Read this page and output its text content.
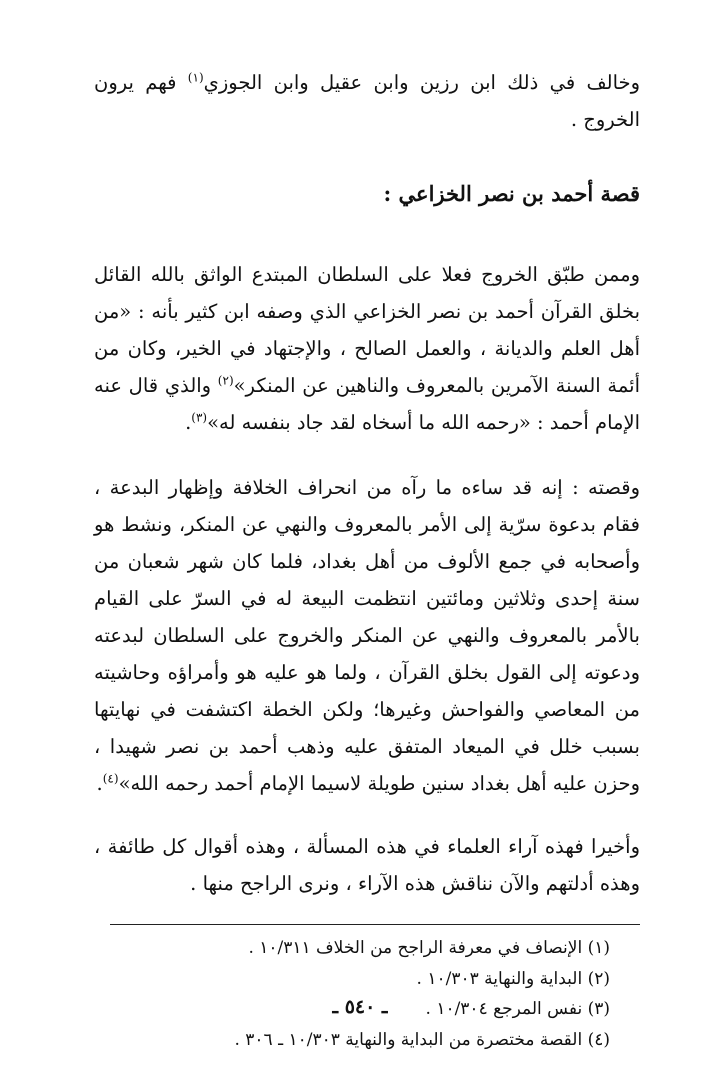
وخالف في ذلك ابن رزين وابن عقيل وابن الجوزي$^{(١)}$ فهم يرون الخروج .

قصة أحمد بن نصر الخزاعي :

وممن طبّق الخروج فعلا على السلطان المبتدع الواثق بالله القائل بخلق القرآن أحمد بن نصر الخزاعي الذي وصفه ابن كثير بأنه : «من أهل العلم والديانة ، والعمل الصالح ، والإجتهاد في الخير، وكان من أئمة السنة الآمرين بالمعروف والناهين عن المنكر»$^{(٢)}$ والذي قال عنه الإمام أحمد : «رحمه الله ما أسخاه لقد جاد بنفسه له»$^{(٣)}$.

وقصته : إنه قد ساءه ما رآه من انحراف الخلافة وإظهار البدعة ، فقام بدعوة سرّية إلى الأمر بالمعروف والنهي عن المنكر، ونشط هو وأصحابه في جمع الألوف من أهل بغداد، فلما كان شهر شعبان من سنة إحدى وثلاثين ومائتين انتظمت البيعة له في السرّ على القيام بالأمر بالمعروف والنهي عن المنكر والخروج على السلطان لبدعته ودعوته إلى القول بخلق القرآن ، ولما هو عليه هو وأمراؤه وحاشيته من المعاصي والفواحش وغيرها؛ ولكن الخطة اكتشفت في نهايتها بسبب خلل في الميعاد المتفق عليه وذهب أحمد بن نصر شهيدا ، وحزن عليه أهل بغداد سنين طويلة لاسيما الإمام أحمد رحمه الله»$^{(٤)}$.

وأخيرا فهذه آراء العلماء في هذه المسألة ، وهذه أقوال كل طائفة ، وهذه أدلتهم والآن نناقش هذه الآراء ، ونرى الراجح منها .

(١) الإنصاف في معرفة الراجح من الخلاف ١٠/٣١١ .

(٢) البداية والنهاية ١٠/٣٠٣ .

(٣) نفس المرجع ١٠/٣٠٤ .

(٤) القصة مختصرة من البداية والنهاية ١٠/٣٠٣ ـ ٣٠٦ .

ـ ٥٤٠ ـ
